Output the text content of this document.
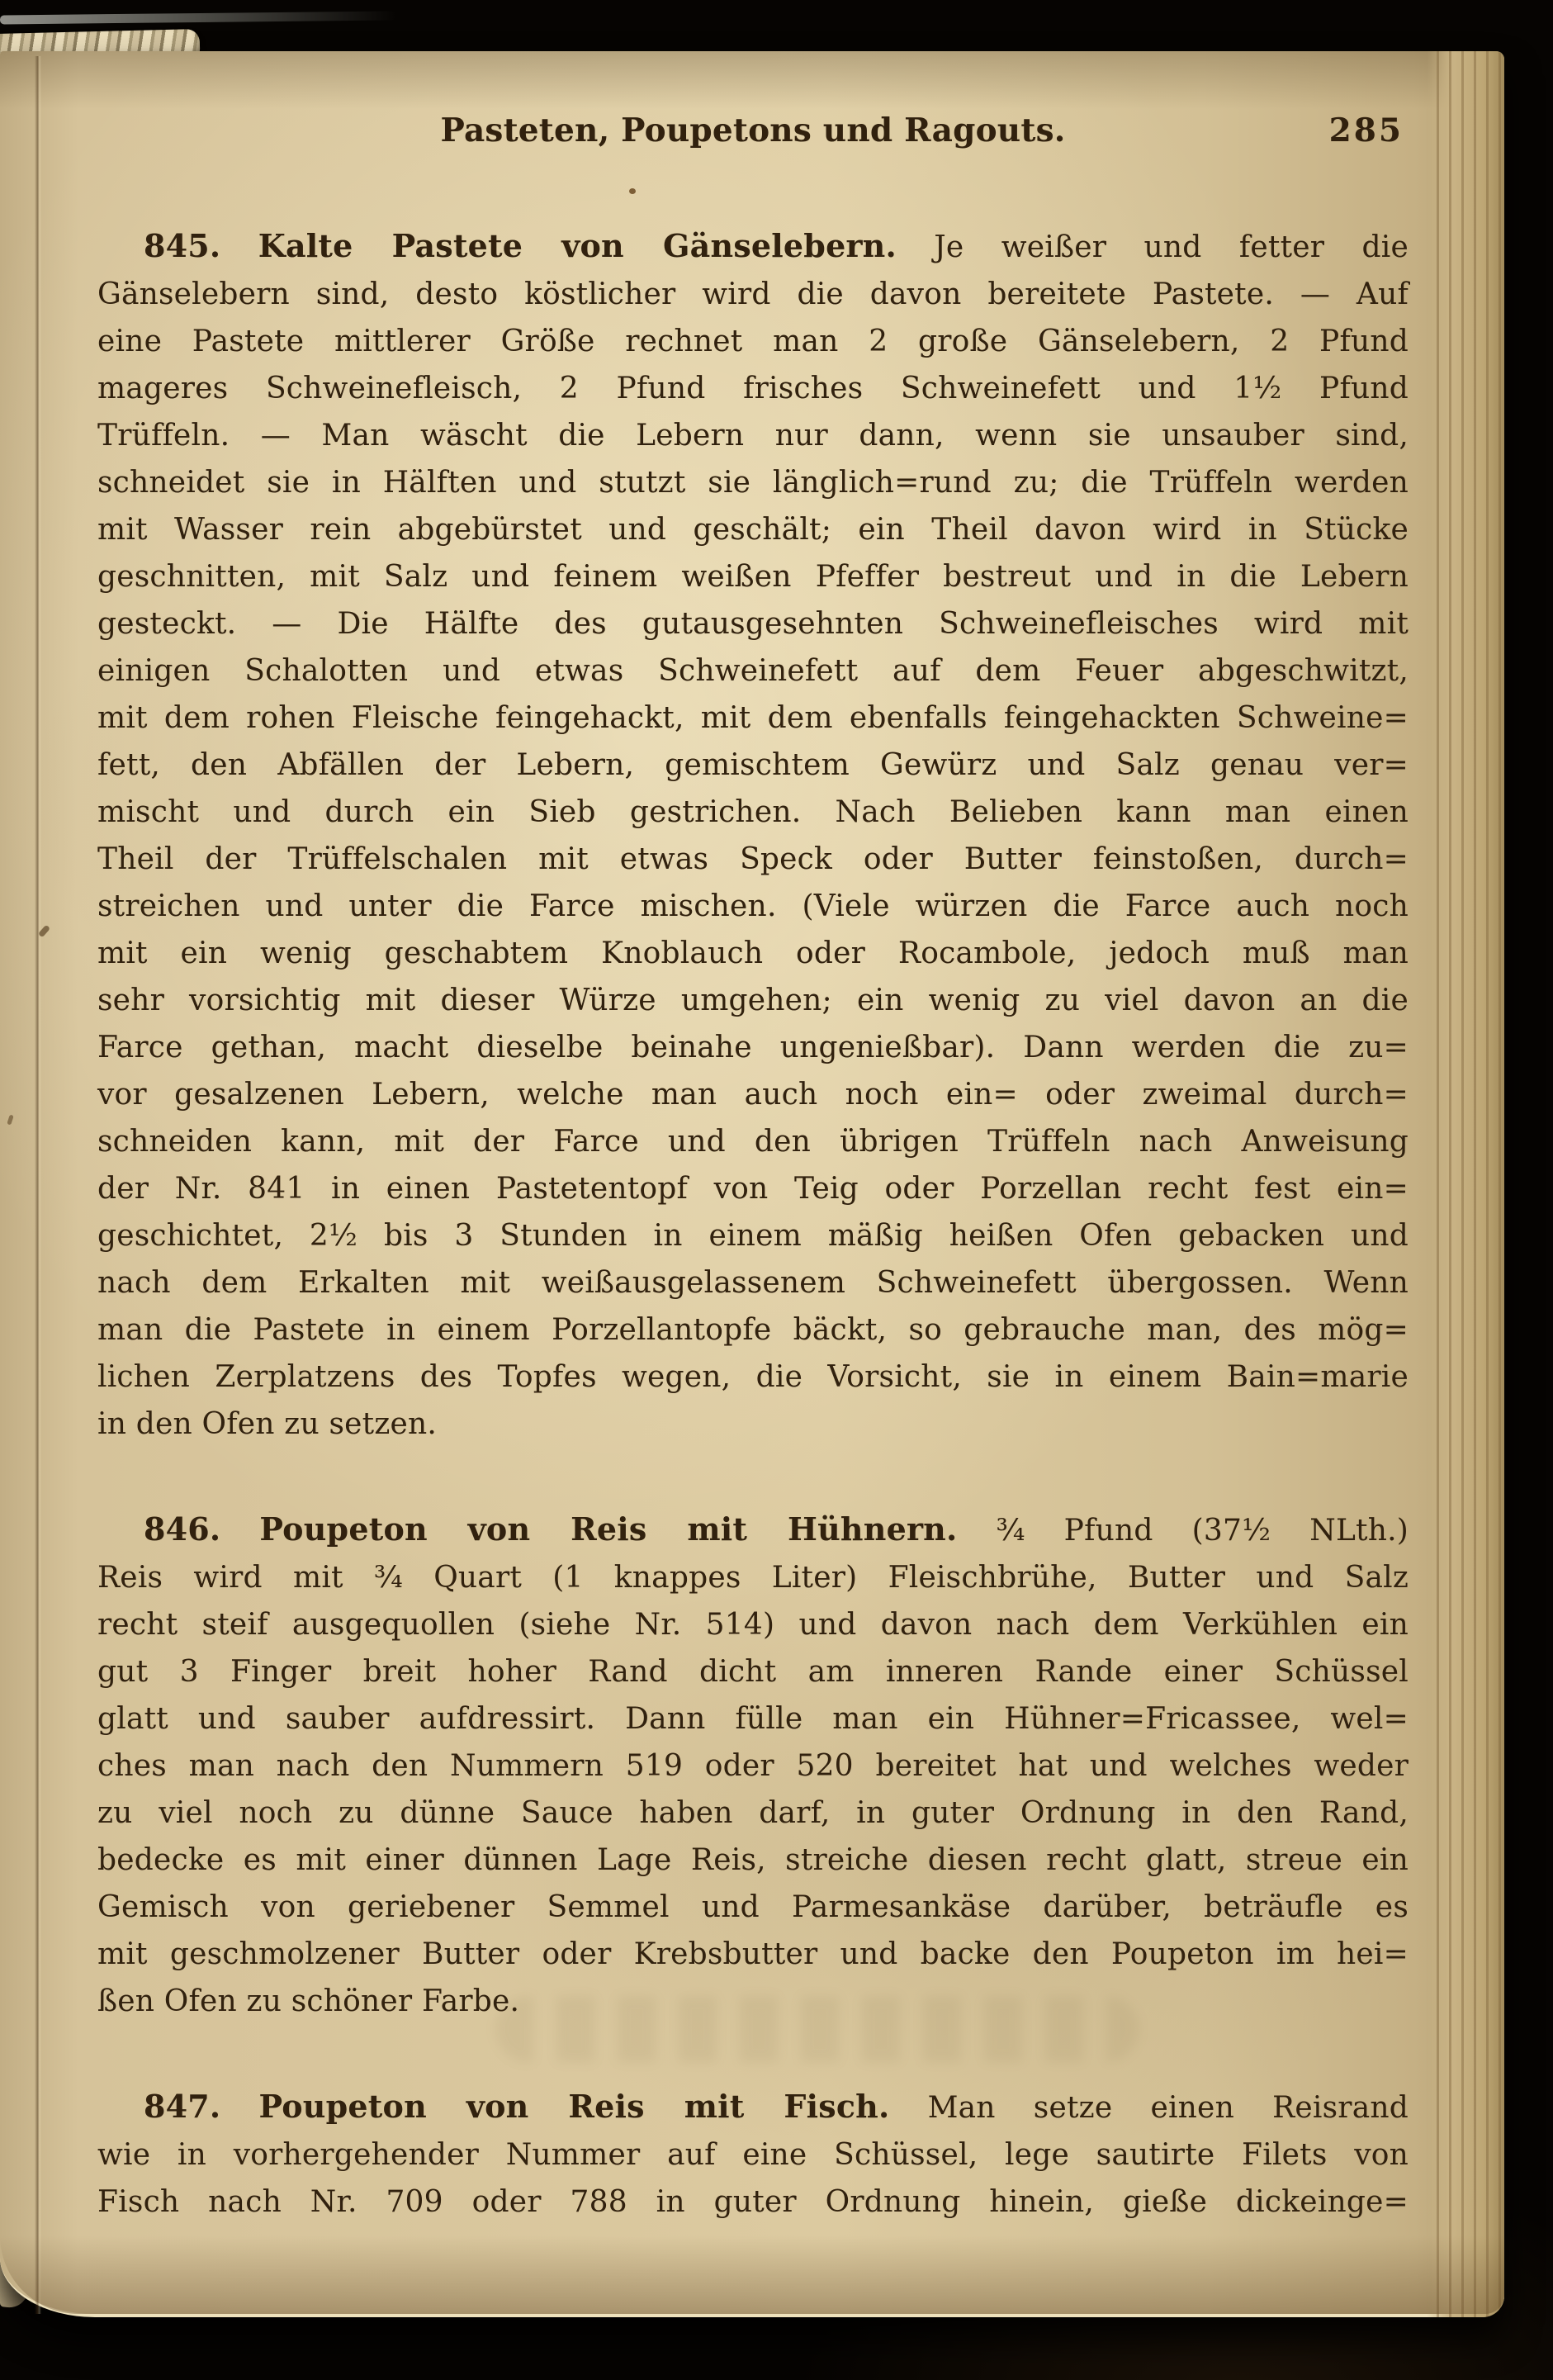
Pasteten, Poupetons und Ragouts.	285
845. Kalte Pastete von Gänselebern. Je weißer und fetter die
Gänselebern sind, desto köstlicher wird die davon bereitete Pastete. — Auf
eine Pastete mittlerer Größe rechnet man 2 große Gänselebern, 2 Pfund
mageres Schweinefleisch, 2 Pfund frisches Schweinefett und 1½ Pfund
Trüffeln. — Man wäscht die Lebern nur dann, wenn sie unsauber sind,
schneidet sie in Hälften und stutzt sie länglich=rund zu; die Trüffeln werden
mit Wasser rein abgebürstet und geschält; ein Theil davon wird in Stücke
geschnitten, mit Salz und feinem weißen Pfeffer bestreut und in die Lebern
gesteckt. — Die Hälfte des gutausgesehnten Schweinefleisches wird mit
einigen Schalotten und etwas Schweinefett auf dem Feuer abgeschwitzt,
mit dem rohen Fleische feingehackt, mit dem ebenfalls feingehackten Schweine=
fett, den Abfällen der Lebern, gemischtem Gewürz und Salz genau ver=
mischt und durch ein Sieb gestrichen. Nach Belieben kann man einen
Theil der Trüffelschalen mit etwas Speck oder Butter feinstoßen, durch=
streichen und unter die Farce mischen. (Viele würzen die Farce auch noch
mit ein wenig geschabtem Knoblauch oder Rocambole, jedoch muß man
sehr vorsichtig mit dieser Würze umgehen; ein wenig zu viel davon an die
Farce gethan, macht dieselbe beinahe ungenießbar). Dann werden die zu=
vor gesalzenen Lebern, welche man auch noch ein= oder zweimal durch=
schneiden kann, mit der Farce und den übrigen Trüffeln nach Anweisung
der Nr. 841 in einen Pastetentopf von Teig oder Porzellan recht fest ein=
geschichtet, 2½ bis 3 Stunden in einem mäßig heißen Ofen gebacken und
nach dem Erkalten mit weißausgelassenem Schweinefett übergossen. Wenn
man die Pastete in einem Porzellantopfe bäckt, so gebrauche man, des mög=
lichen Zerplatzens des Topfes wegen, die Vorsicht, sie in einem Bain=marie
in den Ofen zu setzen.
846. Poupeton von Reis mit Hühnern. ¾ Pfund (37½ NLth.)
Reis wird mit ¾ Quart (1 knappes Liter) Fleischbrühe, Butter und Salz
recht steif ausgequollen (siehe Nr. 514) und davon nach dem Verkühlen ein
gut 3 Finger breit hoher Rand dicht am inneren Rande einer Schüssel
glatt und sauber aufdressirt. Dann fülle man ein Hühner=Fricassee, wel=
ches man nach den Nummern 519 oder 520 bereitet hat und welches weder
zu viel noch zu dünne Sauce haben darf, in guter Ordnung in den Rand,
bedecke es mit einer dünnen Lage Reis, streiche diesen recht glatt, streue ein
Gemisch von geriebener Semmel und Parmesankäse darüber, beträufle es
mit geschmolzener Butter oder Krebsbutter und backe den Poupeton im hei=
ßen Ofen zu schöner Farbe.
847. Poupeton von Reis mit Fisch. Man setze einen Reisrand
wie in vorhergehender Nummer auf eine Schüssel, lege sautirte Filets von
Fisch nach Nr. 709 oder 788 in guter Ordnung hinein, gieße dickeinge=
